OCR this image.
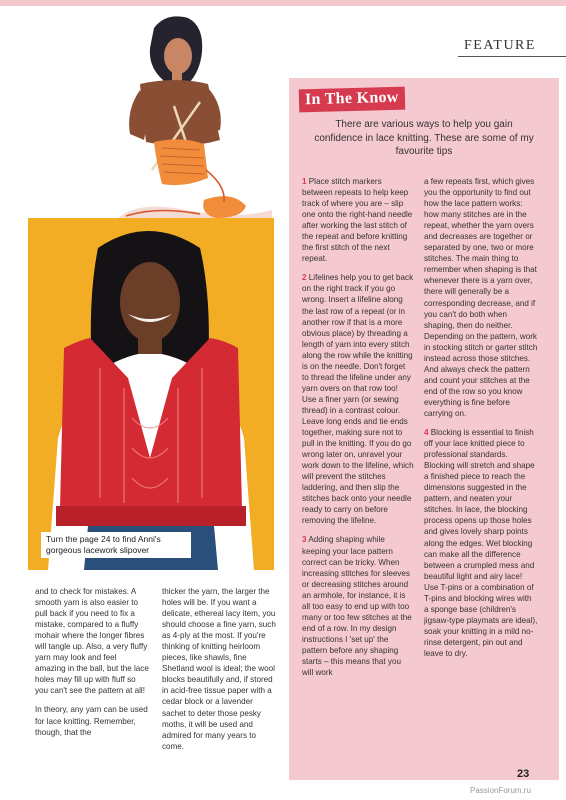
FEATURE
Turn the page 24 to find Anni's gorgeous lacework slipover
In The Know
There are various ways to help you gain confidence in lace knitting. These are some of my favourite tips

1 Place stitch markers between repeats to help keep track of where you are – slip one onto the right-hand needle after working the last stitch of the repeat and before knitting the first stitch of the next repeat.

2 Lifelines help you to get back on the right track if you go wrong. Insert a lifeline along the last row of a repeat (or in another row if that is a more obvious place) by threading a length of yarn into every stitch along the row while the knitting is on the needle. Don't forget to thread the lifeline under any yarn overs on that row too! Use a finer yarn (or sewing thread) in a contrast colour. Leave long ends and tie ends together, making sure not to pull in the knitting. If you do go wrong later on, unravel your work down to the lifeline, which will prevent the stitches laddering, and then slip the stitches back onto your needle ready to carry on before removing the lifeline.

3 Adding shaping while keeping your lace pattern correct can be tricky. When increasing stitches for sleeves or decreasing stitches around an armhole, for instance, it is all too easy to end up with too many or too few stitches at the end of a row. In my design instructions I 'set up' the pattern before any shaping starts – this means that you will work

a few repeats first, which gives you the opportunity to find out how the lace pattern works: how many stitches are in the repeat, whether the yarn overs and decreases are together or separated by one, two or more stitches. The main thing to remember when shaping is that whenever there is a yarn over, there will generally be a corresponding decrease, and if you can't do both when shaping, then do neither. Depending on the pattern, work in stocking stitch or garter stitch instead across those stitches. And always check the pattern and count your stitches at the end of the row so you know everything is fine before carrying on.

4 Blocking is essential to finish off your lace knitted piece to professional standards. Blocking will stretch and shape a finished piece to reach the dimensions suggested in the pattern, and neaten your stitches. In lace, the blocking process opens up those holes and gives lovely sharp points along the edges. Wet blocking can make all the difference between a crumpled mess and beautiful light and airy lace! Use T-pins or a combination of T-pins and blocking wires with a sponge base (children's jigsaw-type playmats are ideal), soak your knitting in a mild no-rinse detergent, pin out and leave to dry.

and to check for mistakes. A smooth yarn is also easier to pull back if you need to fix a mistake, compared to a fluffy mohair where the longer fibres will tangle up. Also, a very fluffy yarn may look and feel amazing in the ball, but the lace holes may fill up with fluff so you can't see the pattern at all!

In theory, any yarn can be used for lace knitting. Remember, though, that the

thicker the yarn, the larger the holes will be. If you want a delicate, ethereal lacy item, you should choose a fine yarn, such as 4-ply at the most. If you're thinking of knitting heirloom pieces, like shawls, fine Shetland wool is ideal; the wool blocks beautifully and, if stored in acid-free tissue paper with a cedar block or a lavender sachet to deter those pesky moths, it will be used and admired for many years to come.

23
PassionForum.ru
